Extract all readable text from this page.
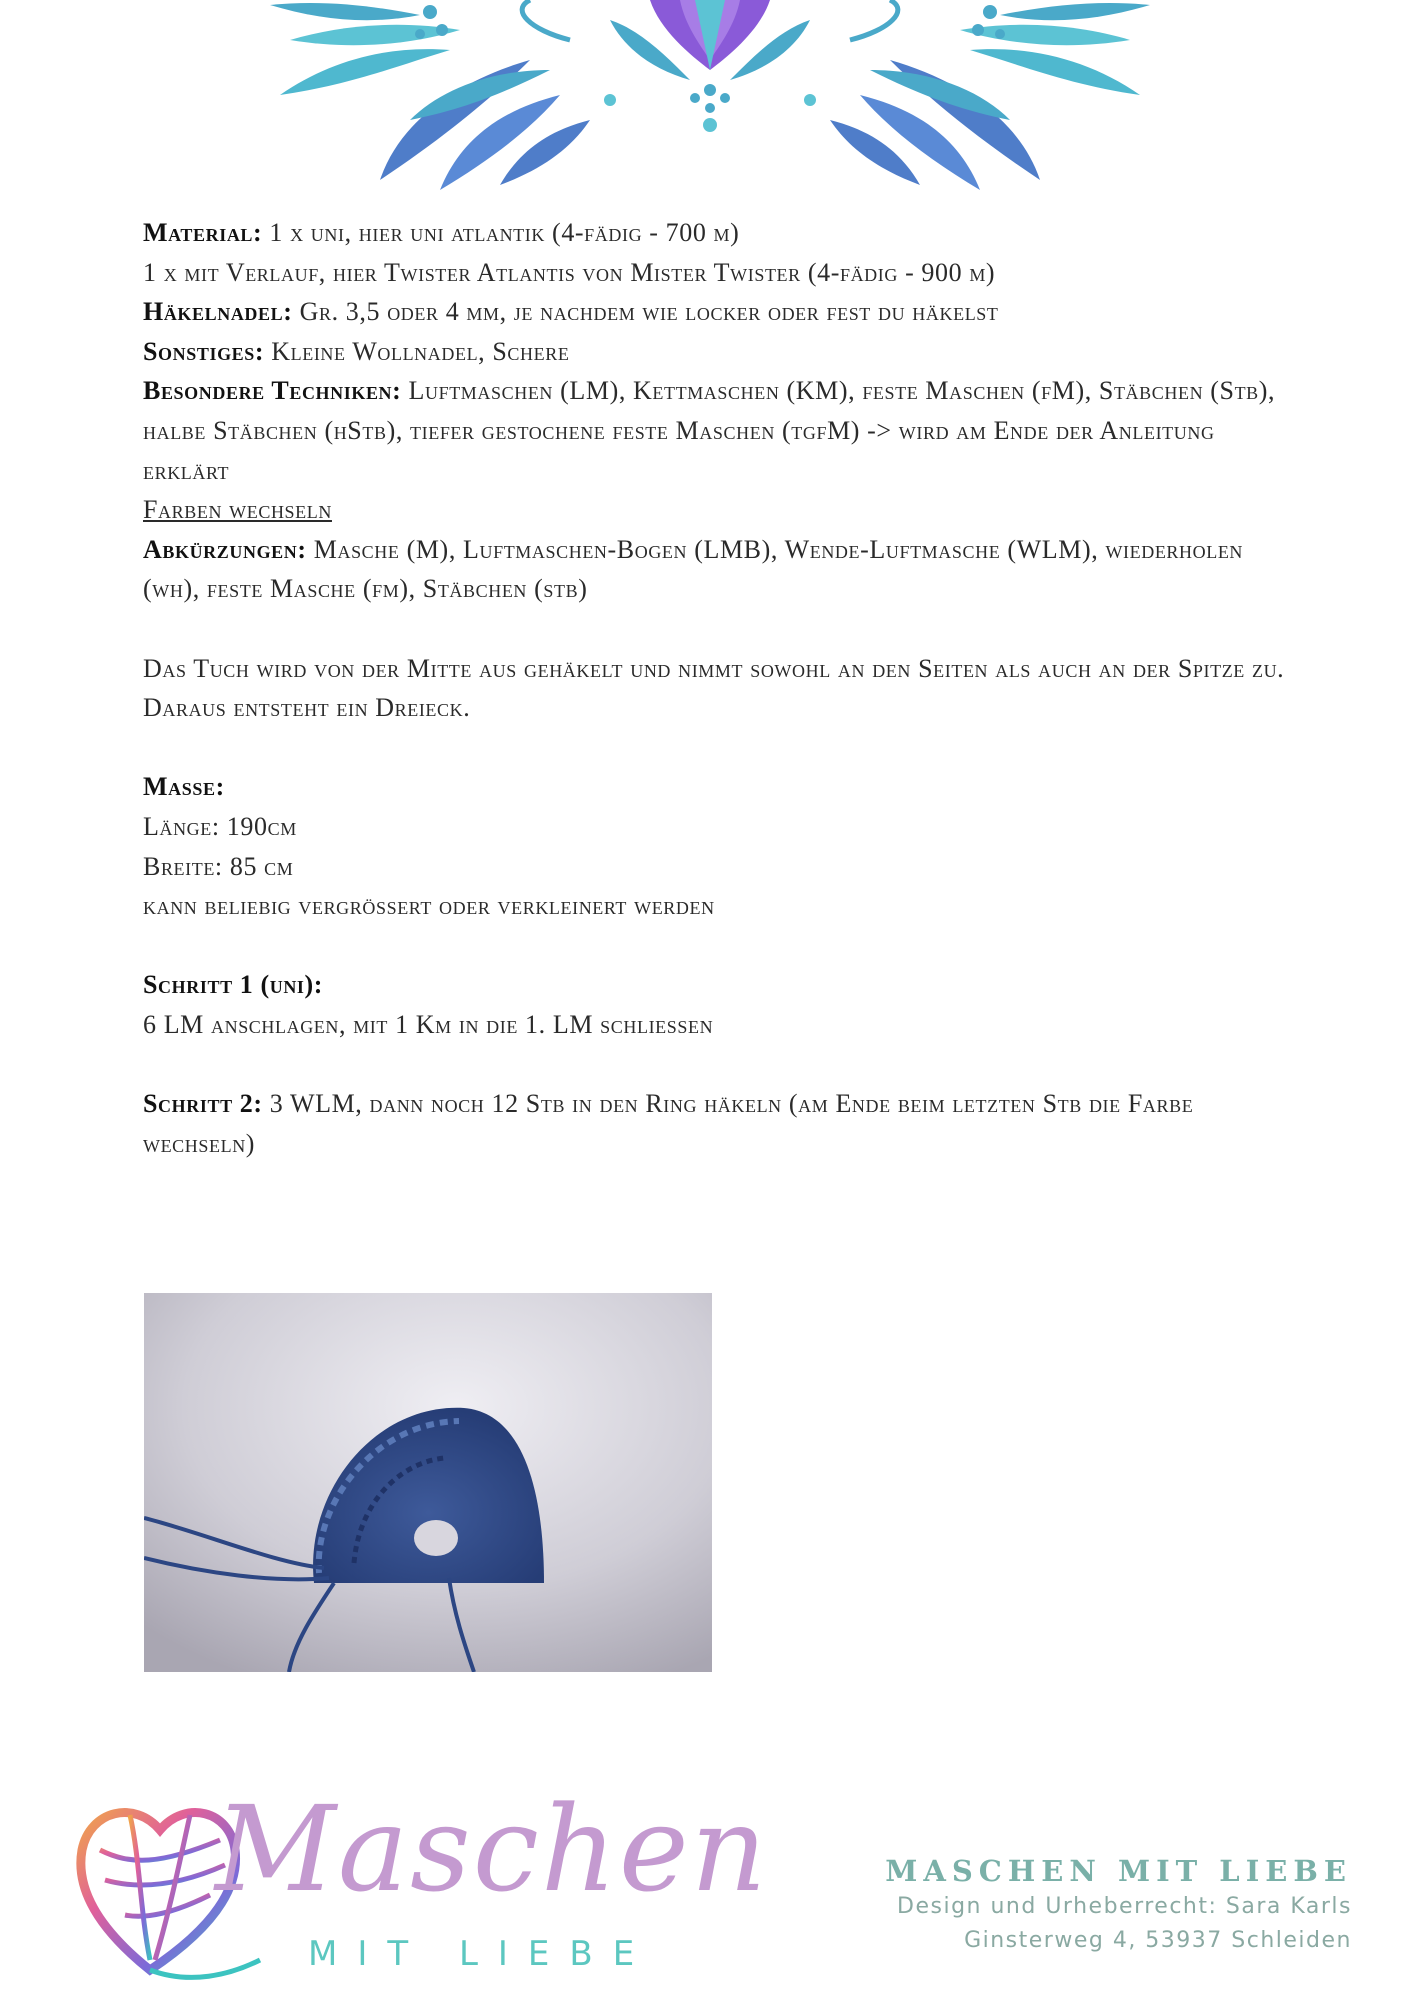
Material: 1 x uni, hier uni atlantik (4-fädig - 700 m)

1 x mit Verlauf, hier Twister Atlantis von Mister Twister (4-fädig - 900 m)

Häkelnadel: Gr. 3,5 oder 4 mm, je nachdem wie locker oder fest du häkelst

Sonstiges: Kleine Wollnadel, Schere

Besondere Techniken: Luftmaschen (LM), Kettmaschen (KM), feste Maschen (fM), Stäbchen (Stb), halbe Stäbchen (hStb), tiefer gestochene feste Maschen (tgfM) -> wird am Ende der Anleitung erklärt

Farben wechseln

Abkürzungen: Masche (M), Luftmaschen-Bogen (LMB), Wende-Luftmasche (WLM), wiederholen (wh), feste Masche (fm), Stäbchen (stb)

Das Tuch wird von der Mitte aus gehäkelt und nimmt sowohl an den Seiten als auch an der Spitze zu. Daraus entsteht ein Dreieck.

Masse:

Länge: 190cm

Breite: 85 cm

kann beliebig vergrössert oder verkleinert werden

Schritt 1 (uni):

6 LM anschlagen, mit 1 Km in die 1. LM schliessen

Schritt 2: 3 WLM, dann noch 12 Stb in den Ring häkeln (am Ende beim letzten Stb die Farbe wechseln)

Maschen
MIT LIEBE
MASCHEN MIT LIEBE
Design und Urheberrecht: Sara Karls
Ginsterweg 4, 53937 Schleiden
